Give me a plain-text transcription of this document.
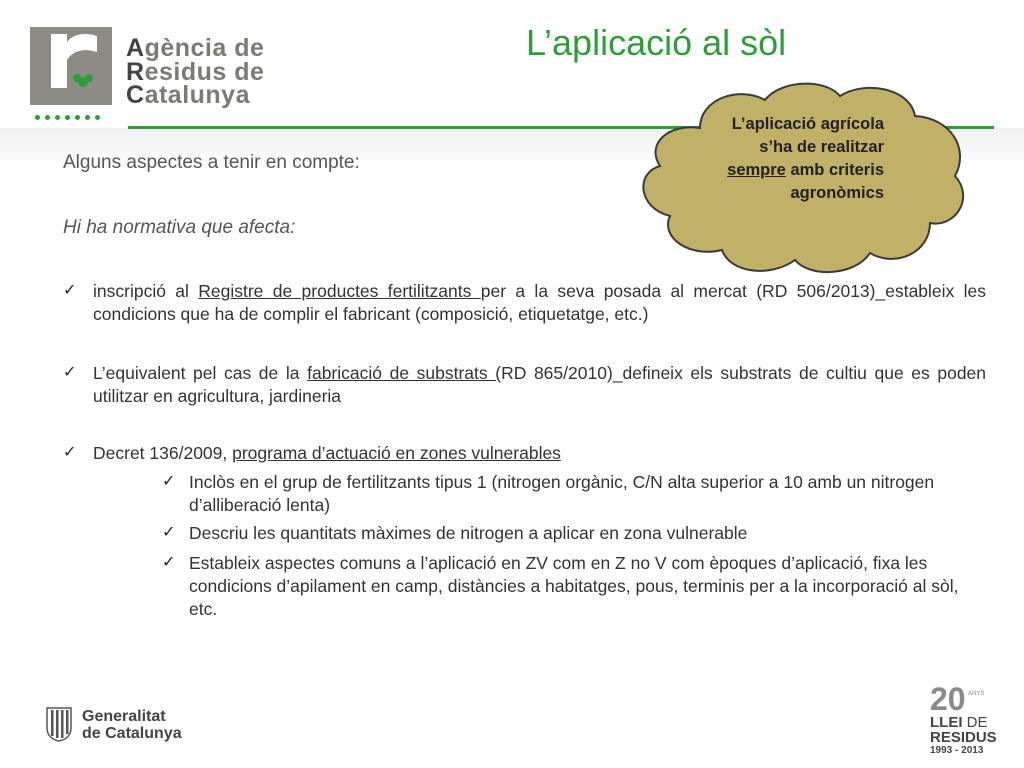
Agència de
Residus de
Catalunya
L’aplicació al sòl
L’aplicació agrícola
s’ha de realitzar
sempre amb criteris
agronòmics
Alguns aspectes a tenir en compte:
Hi ha normativa que afecta:
✓ inscripció al Registre de productes fertilitzants per a la seva posada al mercat (RD 506/2013)_estableix les condicions que ha de complir el fabricant (composició, etiquetatge, etc.)
✓ L’equivalent pel cas de la fabricació de substrats (RD 865/2010)_defineix els substrats de cultiu que es poden utilitzar en agricultura, jardineria
✓ Decret 136/2009, programa d’actuació en zones vulnerables
✓ Inclòs en el grup de fertilitzants tipus 1 (nitrogen orgànic, C/N alta superior a 10 amb un nitrogen d’alliberació lenta)
✓ Descriu les quantitats màximes de nitrogen a aplicar en zona vulnerable
✓ Estableix aspectes comuns a l’aplicació en ZV com en Z no V com èpoques d’aplicació, fixa les condicions d’apilament en camp, distàncies a habitatges, pous, terminis per a la incorporació al sòl, etc.
Generalitat
de Catalunya
20 ANYS
LLEI DE
RESIDUS
1993 - 2013
